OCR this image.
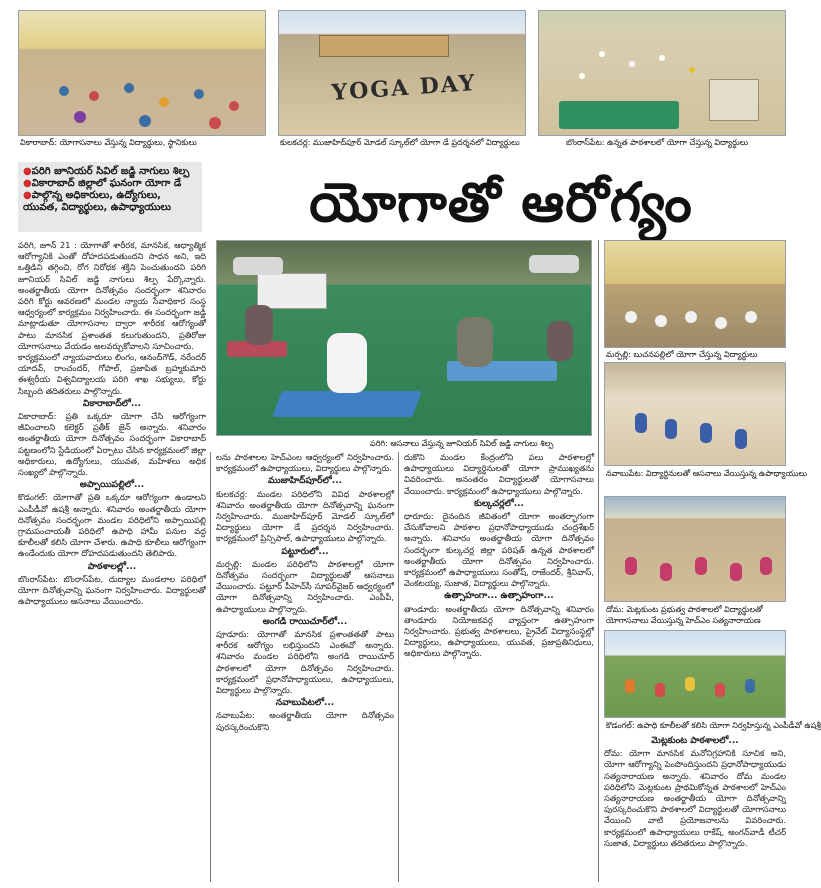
వికారాబాద్‌: యోగాసనాలు వేస్తున్న విద్యార్థులు, స్థానికులు
YOGA DAY
కులకచర్ల: ముజాహిద్‌పూర్‌ మోడల్‌ స్కూల్‌లో యోగా డే ప్రదర్శనలో విద్యార్థులు	బొంరాస్‌పేట: ఉన్నత పాఠశాలలో యోగా చేస్తున్న విద్యార్థులు
●పరిగి జూనియర్‌ సివిల్‌ జడ్జి నాగులు శిల్ప
●వికారాబాద్‌ జిల్లాలో ఘనంగా యోగా డే
●పాల్గొన్న అధికారులు, ఉద్యోగులు, యువత, విద్యార్థులు, ఉపాధ్యాయులు	యోగాతో ఆరోగ్యం
పరిగి: ఆసనాలు వేస్తున్న జూనియర్‌ సివిల్‌ జడ్జి నాగులు శిల్ప
మర్పల్లి: బుచనపల్లిలో యోగా చేస్తున్న విద్యార్థులు
నవాబుపేట: విద్యార్థినులతో ఆసనాలు వేయిస్తున్న ఉపాధ్యాయులు
దోమ: మెట్లకుంట ప్రభుత్వ పాఠశాలలో విద్యార్థులతో యోగాసనాలు వేయిస్తున్న హెచ్‌ఎం సత్యనారాయణ
కొడంగల్‌: ఉపాధి కూలీలతో కలిసి యోగా నిర్వహిస్తున్న ఎంపీడీవో ఉషశ్రీ

పరిగి, జూన్‌ 21 : యోగాతో శారీరక, మానసిక, ఆధ్యాత్మిక ఆరోగ్యానికి ఎంతో దోహదపడుతుందని సాధన అని, ఇది ఒత్తిడిని తగ్గించి, రోగ నిరోధక శక్తిని పెంచుతుందని పరిగి జూనియర్‌ సివిల్‌ జడ్జి నాగులు శిల్ప పేర్కొన్నారు. అంతర్జాతీయ యోగా దినోత్సవం సందర్భంగా శనివారం పరిగి కోర్టు ఆవరణలో మండల న్యాయ సేవాధికార సంస్థ ఆధ్వర్యంలో కార్యక్రమం నిర్వహించారు. ఈ సందర్భంగా జడ్జి మాట్లాడుతూ యోగాసనాల ద్వారా శారీరక ఆరోగ్యంతో పాటు మానసిక ప్రశాంతత కలుగుతుందని, ప్రతిరోజు యోగాసనాలు వేయడం అలవర్చుకోవాలని సూచించారు.

కార్యక్రమంలో న్యాయవాదులు లింగం, ఆనంద్‌గౌడ్‌, నరేందర్‌ యాదవ్‌, రాంచందర్‌, గోపాల్‌, ప్రజాపిత బ్రహ్మకుమారి ఈశ్వరీయ విశ్వవిద్యాలయ పరిగి శాఖ సభ్యులు, కోర్టు సిబ్బంది తదితరులు పాల్గొన్నారు.

వికారాబాద్‌లో...

వికారాబాద్‌: ప్రతి ఒక్కరూ యోగా చేసి ఆరోగ్యంగా జీవించాలని కలెక్టర్‌ ప్రతీక్‌ జైన్‌ అన్నారు. శనివారం అంతర్జాతీయ యోగా దినోత్సవం సందర్భంగా వికారాబాద్‌ పట్టణంలోని స్టేడియంలో ఏర్పాటు చేసిన కార్యక్రమంలో జిల్లా అధికారులు, ఉద్యోగులు, యువత, మహిళలు అధిక సంఖ్యలో పాల్గొన్నారు.

అప్పాయిపల్లిలో...

కొడంగల్‌: యోగాతో ప్రతి ఒక్కరూ ఆరోగ్యంగా ఉండాలని ఎంపీడీవో ఉషశ్రీ అన్నారు. శనివారం అంతర్జాతీయ యోగా దినోత్సవం సందర్భంగా మండల పరిధిలోని అప్పాయిపల్లి గ్రామపంచాయతీ పరిధిలో ఉపాధి హామీ పనుల వద్ద కూలీలతో కలిసి యోగా చేశారు. ఉపాధి కూలీలు ఆరోగ్యంగా ఉండేందుకు యోగా దోహదపడుతుందని తెలిపారు.

పాఠశాలల్లో...

బొంరాస్‌పేట: బొంరాస్‌పేట, దుద్యాల మండలాల పరిధిలో యోగా దినోత్సవాన్ని ఘనంగా నిర్వహించారు. విద్యార్థులతో ఉపాధ్యాయులు ఆసనాలు వేయించారు.

లను పాఠశాలల హెచ్‌ఎంల ఆధ్వర్యంలో నిర్వహించారు. కార్యక్రమంలో ఉపాధ్యాయులు, విద్యార్థులు పాల్గొన్నారు.

ముజాహిద్‌పూర్‌లో...

కులకచర్ల: మండల పరిధిలోని వివిధ పాఠశాలల్లో శనివారం అంతర్జాతీయ యోగా దినోత్సవాన్ని ఘనంగా నిర్వహించారు. ముజాహిద్‌పూర్‌ మోడల్‌ స్కూల్‌లో విద్యార్థులు యోగా డే ప్రదర్శన నిర్వహించారు. కార్యక్రమంలో ప్రిన్సిపాల్‌, ఉపాధ్యాయులు పాల్గొన్నారు.

పట్టూరులో...

మర్పల్లి: మండల పరిధిలోని పాఠశాలల్లో యోగా దినోత్సవం సందర్భంగా విద్యార్థులతో ఆసనాలు వేయించారు. పట్టూర్‌ పీహెచ్‌సీ సూపర్‌వైజర్‌ ఆధ్వర్యంలో యోగా దినోత్సవాన్ని నిర్వహించారు. ఎంపీపీ, ఉపాధ్యాయులు పాల్గొన్నారు.

అంగడి రాయిచూర్‌లో...

పూడూరు: యోగాతో మానసిక ప్రశాంతతతో పాటు శారీరక ఆరోగ్యం లభిస్తుందని ఎంఈవో అన్నారు. శనివారం మండల పరిధిలోని అంగడి రాయిచూర్‌ పాఠశాలలో యోగా దినోత్సవం నిర్వహించారు. కార్యక్రమంలో ప్రధానోపాధ్యాయులు, ఉపాధ్యాయులు, విద్యార్థులు పాల్గొన్నారు.

నవాబుపేటలో...

నవాబుపేట: అంతర్జాతీయ యోగా దినోత్సవం పురస్కరించుకొని

దుకొని మండల కేంద్రంలోని పలు పాఠశాలల్లో ఉపాధ్యాయులు విద్యార్థినులతో యోగా ప్రాముఖ్యతను వివరించారు. అనంతరం విద్యార్థులతో యోగాసనాలు వేయించారు. కార్యక్రమంలో ఉపాధ్యాయులు పాల్గొన్నారు.

కుల్కచర్లలో...

ధారూరు: దైనందిన జీవితంలో యోగా అంతర్భాగంగా చేసుకోవాలని పాఠశాల ప్రధానోపాధ్యాయుడు చంద్రశేఖర్‌ అన్నారు. శనివారం అంతర్జాతీయ యోగా దినోత్సవం సందర్భంగా కుల్కచర్ల జిల్లా పరిషత్‌ ఉన్నత పాఠశాలలో అంతర్జాతీయ యోగా దినోత్సవం నిర్వహించారు. కార్యక్రమంలో ఉపాధ్యాయులు సంతోష్‌, రాజేందర్‌, శ్రీనివాస్‌, వెంకటయ్య, సుజాత, విద్యార్థులు పాల్గొన్నారు.

ఉత్సాహంగా... ఉత్సాహంగా...

తాండూరు: అంతర్జాతీయ యోగా దినోత్సవాన్ని శనివారం తాండూరు నియోజకవర్గ వ్యాప్తంగా ఉత్సాహంగా నిర్వహించారు. ప్రభుత్వ పాఠశాలలు, ప్రైవేట్‌ విద్యాసంస్థల్లో విద్యార్థులు, ఉపాధ్యాయులు, యువత, ప్రజాప్రతినిధులు, అధికారులు పాల్గొన్నారు.

మెట్లకుంట పాఠశాలలో...

దోమ: యోగా మానసిక మనోనిగ్రహానికి సూచిక అని, యోగా ఆరోగ్యాన్ని పెంపొందిస్తుందని ప్రధానోపాధ్యాయుడు సత్యనారాయణ అన్నారు. శనివారం దోమ మండల పరిధిలోని మెట్లకుంట ప్రాథమికోన్నత పాఠశాలలో హెచ్‌ఎం సత్యనారాయణ అంతర్జాతీయ యోగా దినోత్సవాన్ని పురస్కరించుకొని పాఠశాలలో విద్యార్థులతో యోగాసనాలు వేయించి వాటి ప్రయోజనాలను వివరించారు. కార్యక్రమంలో ఉపాధ్యాయులు రాకేష్‌, అంగన్‌వాడీ టీచర్‌ సుజాత, విద్యార్థులు తదితరులు పాల్గొన్నారు.
